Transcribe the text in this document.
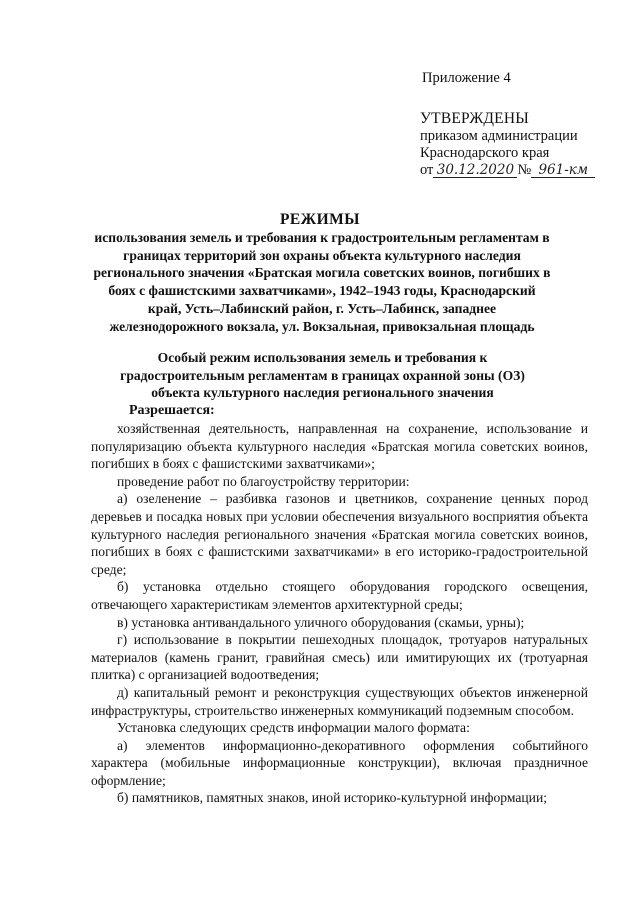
Приложение 4
УТВЕРЖДЕНЫ
приказом администрации
Краснодарского края
от 30.12.2020 № 961-км
РЕЖИМЫ
использования земель и требования к градостроительным регламентам в границах территорий зон охраны объекта культурного наследия регионального значения «Братская могила советских воинов, погибших в боях с фашистскими захватчиками», 1942–1943 годы, Краснодарский край, Усть–Лабинский район, г. Усть–Лабинск, западнее железнодорожного вокзала, ул. Вокзальная, привокзальная площадь
Особый режим использования земель и требования к градостроительным регламентам в границах охранной зоны (ОЗ) объекта культурного наследия регионального значения
Разрешается:

хозяйственная деятельность, направленная на сохранение, использование и популяризацию объекта культурного наследия «Братская могила советских воинов, погибших в боях с фашистскими захватчиками»;

проведение работ по благоустройству территории:

а) озеленение – разбивка газонов и цветников, сохранение ценных пород деревьев и посадка новых при условии обеспечения визуального восприятия объекта культурного наследия регионального значения «Братская могила советских воинов, погибших в боях с фашистскими захватчиками» в его историко-градостроительной среде;

б) установка отдельно стоящего оборудования городского освещения, отвечающего характеристикам элементов архитектурной среды;

в) установка антивандального уличного оборудования (скамьи, урны);

г) использование в покрытии пешеходных площадок, тротуаров натуральных материалов (камень гранит, гравийная смесь) или имитирующих их (тротуарная плитка) с организацией водоотведения;

д) капитальный ремонт и реконструкция существующих объектов инженерной инфраструктуры, строительство инженерных коммуникаций подземным способом.

Установка следующих средств информации малого формата:

а) элементов информационно-декоративного оформления событийного характера (мобильные информационные конструкции), включая праздничное оформление;

б) памятников, памятных знаков, иной историко-культурной информации;
